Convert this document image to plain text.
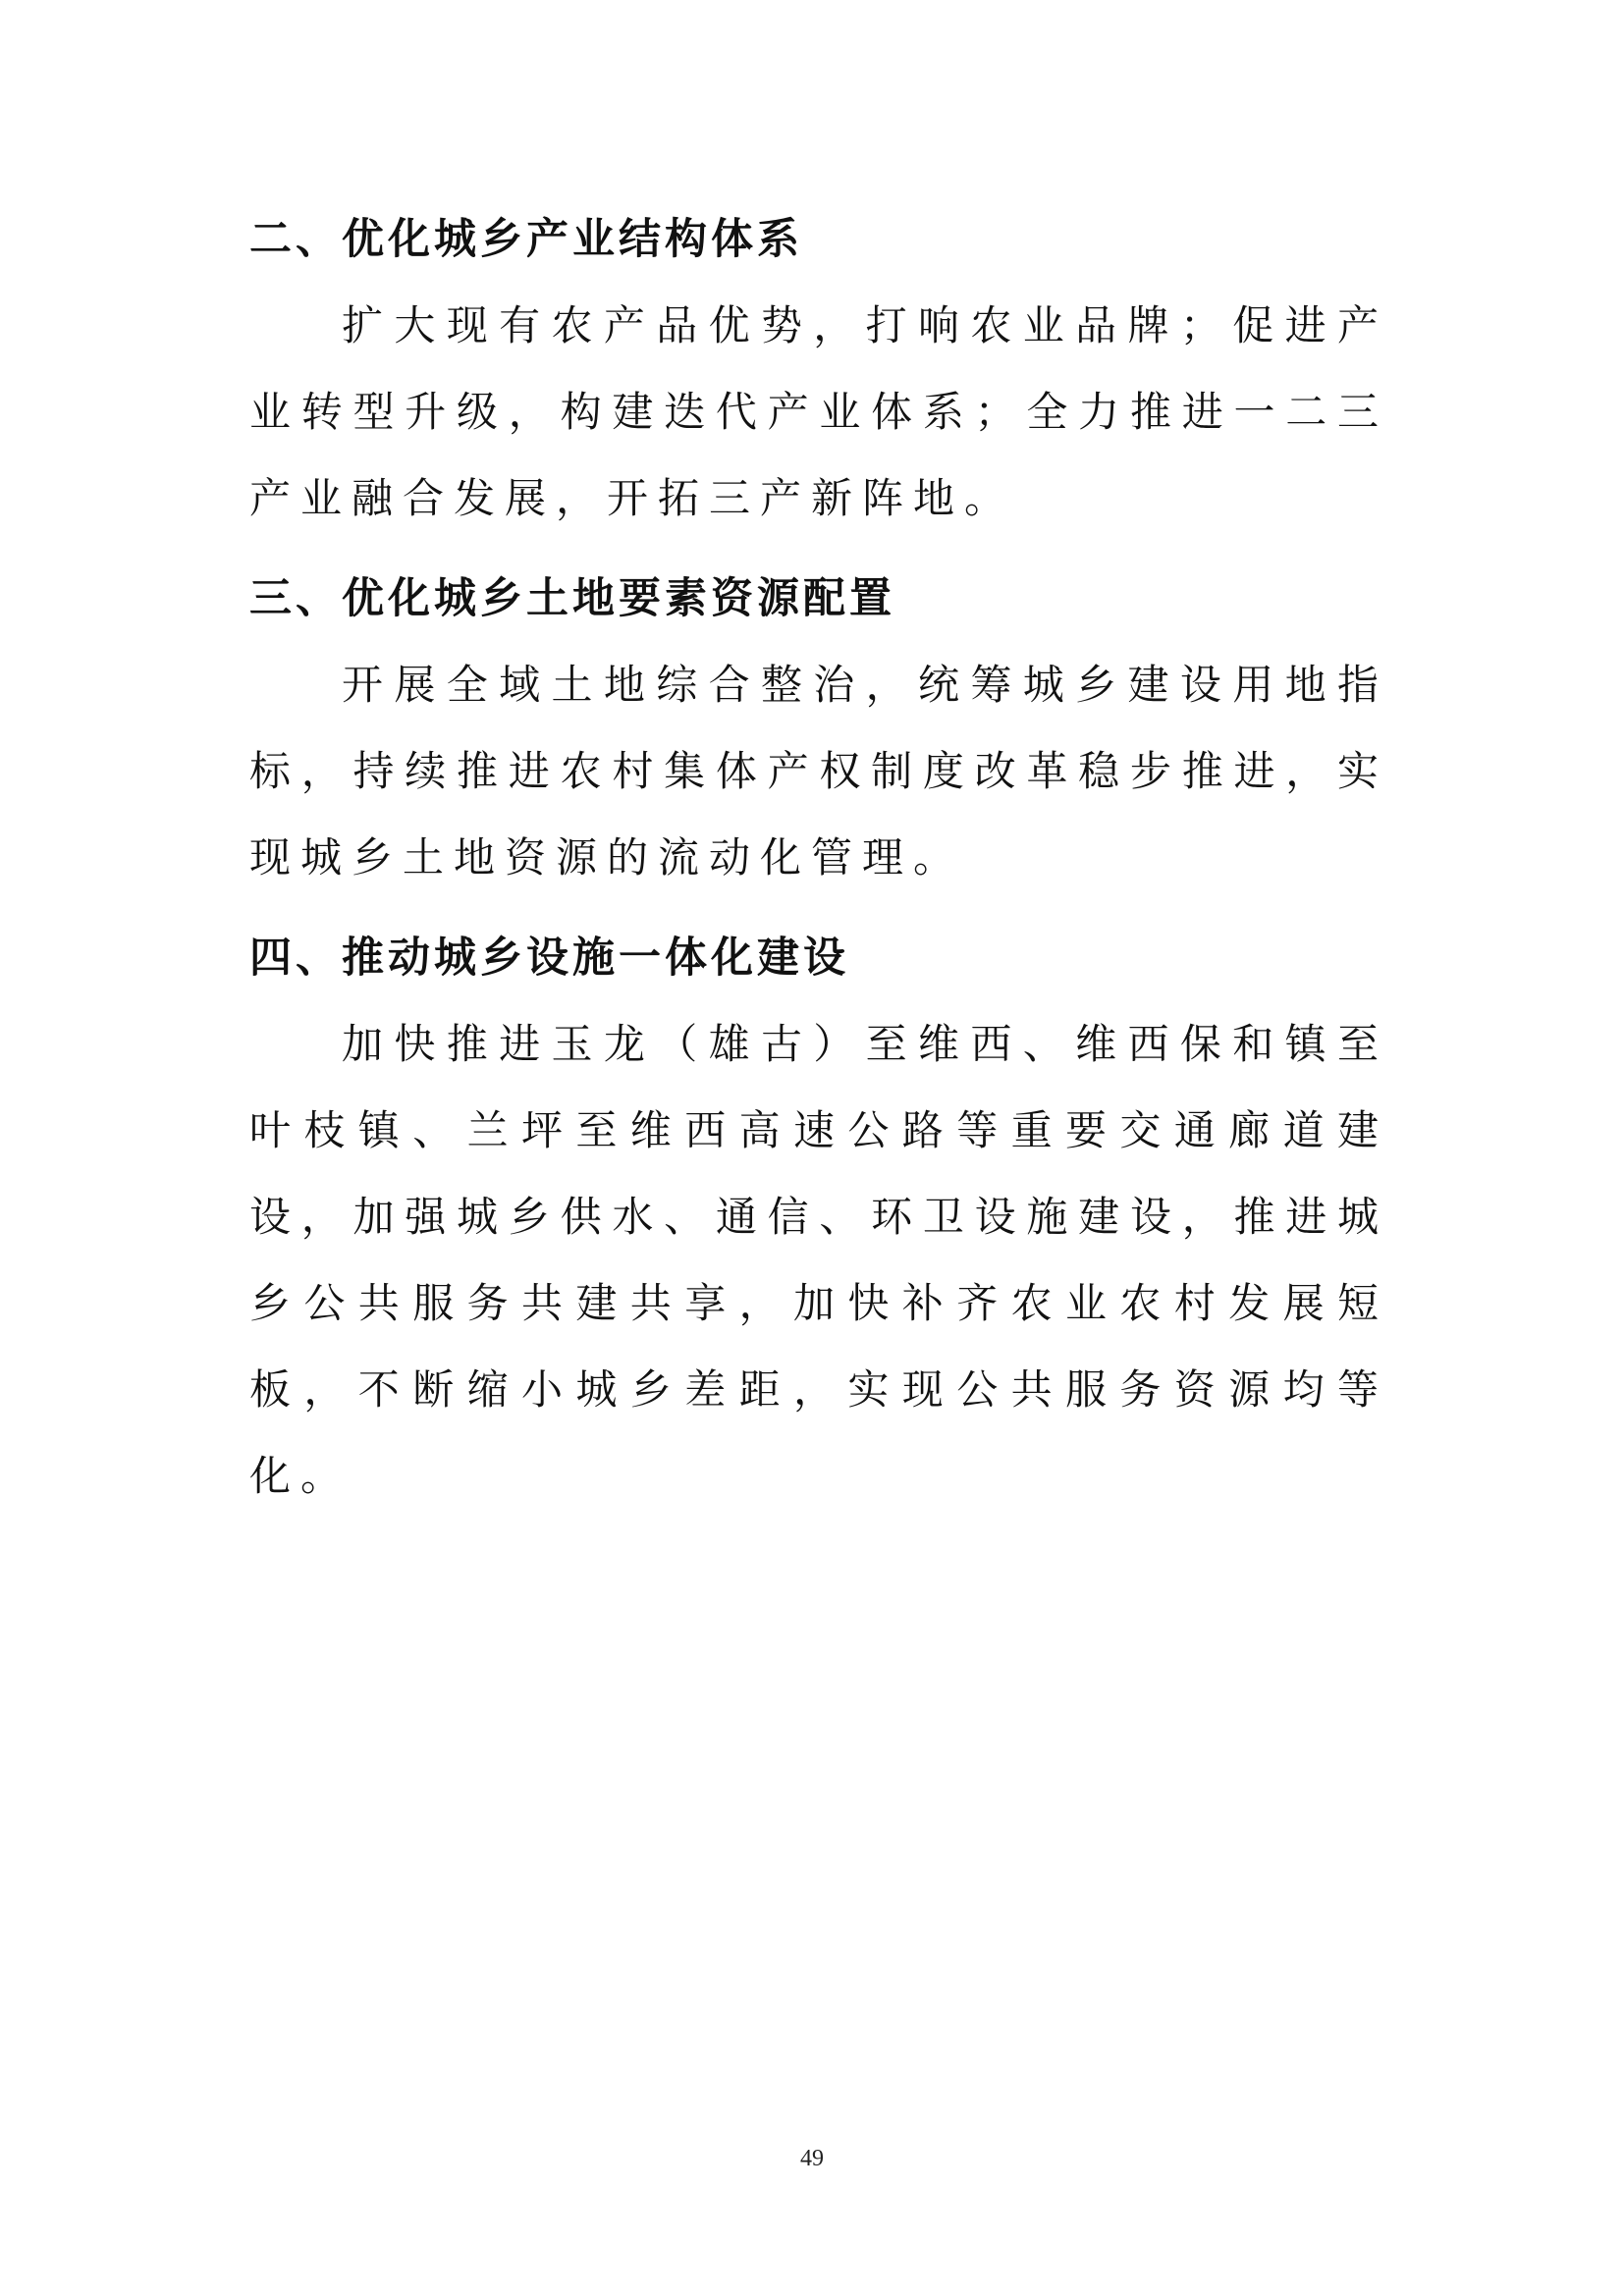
二、优化城乡产业结构体系

扩大现有农产品优势，打响农业品牌；促进产业转型升级，构建迭代产业体系；全力推进一二三产业融合发展，开拓三产新阵地。

三、优化城乡土地要素资源配置

开展全域土地综合整治，统筹城乡建设用地指标，持续推进农村集体产权制度改革稳步推进，实现城乡土地资源的流动化管理。

四、推动城乡设施一体化建设

加快推进玉龙（雄古）至维西、维西保和镇至叶枝镇、兰坪至维西高速公路等重要交通廊道建设，加强城乡供水、通信、环卫设施建设，推进城乡公共服务共建共享，加快补齐农业农村发展短板，不断缩小城乡差距，实现公共服务资源均等化。

49
